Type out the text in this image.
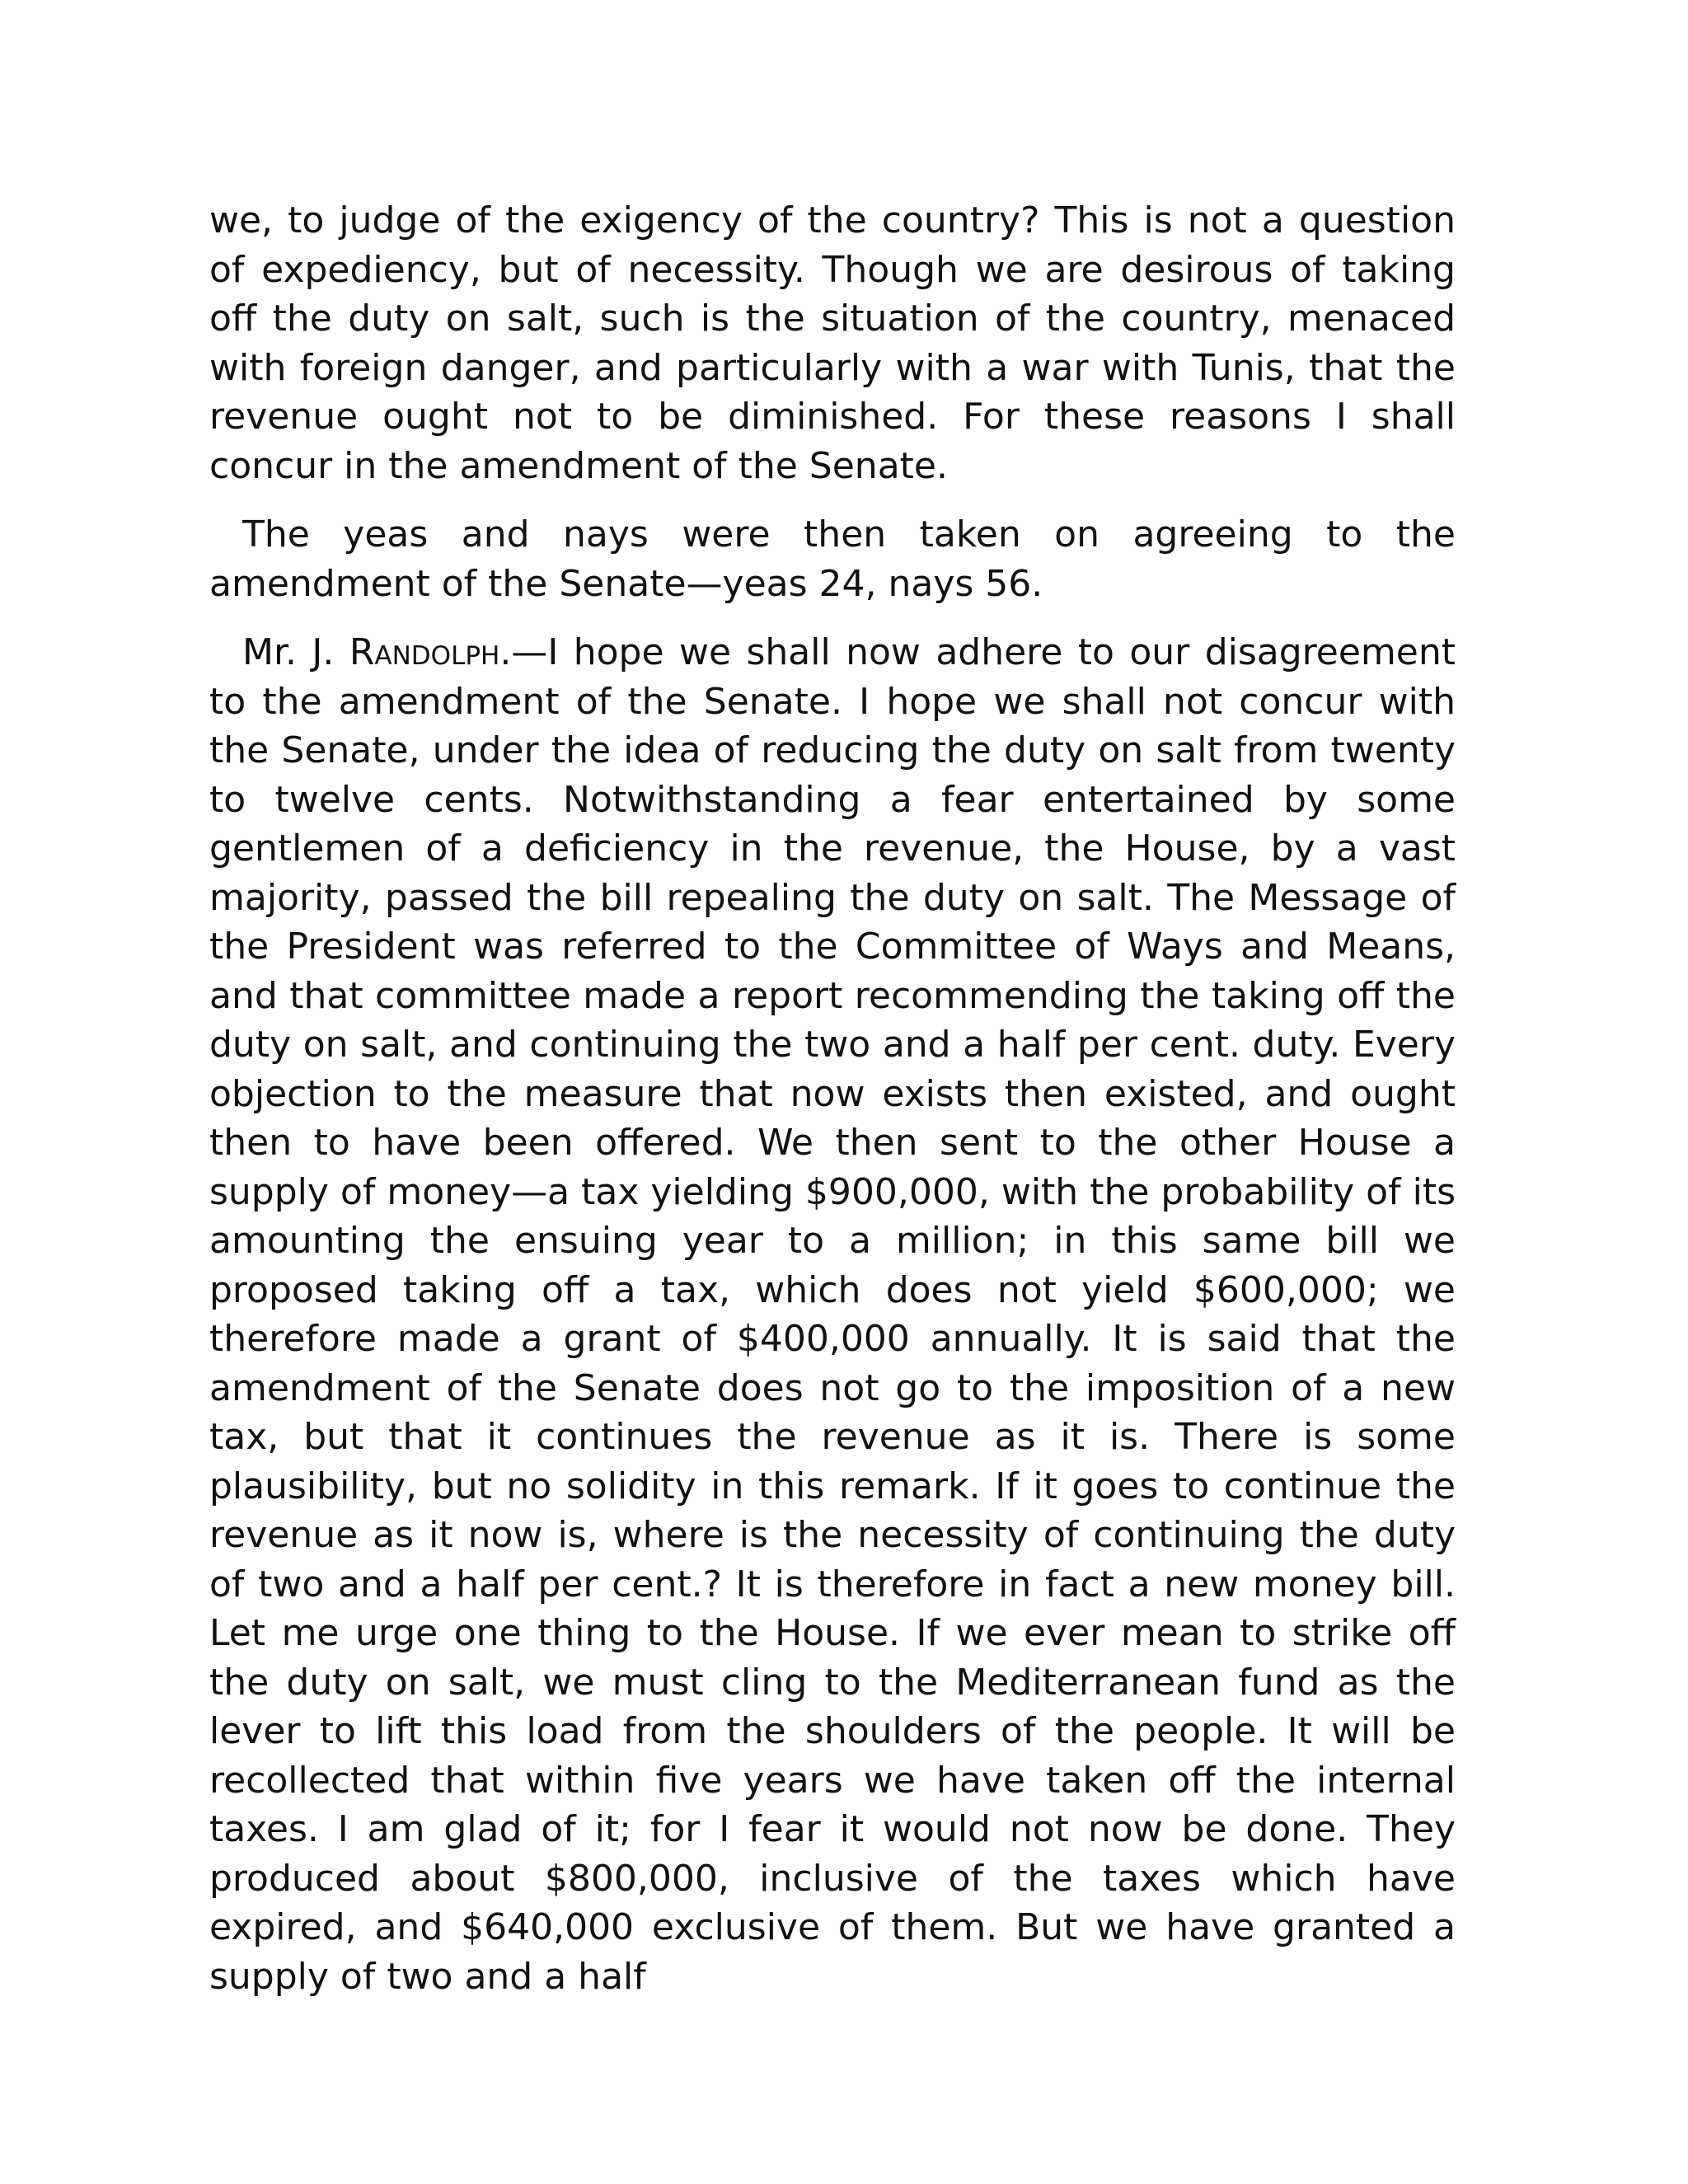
we, to judge of the exigency of the country? This is not a question of expediency, but of necessity. Though we are desirous of taking off the duty on salt, such is the situation of the country, menaced with foreign danger, and particularly with a war with Tunis, that the revenue ought not to be diminished. For these reasons I shall concur in the amendment of the Senate.

The yeas and nays were then taken on agreeing to the amendment of the Senate—yeas 24, nays 56.

Mr. J. Randolph.—I hope we shall now adhere to our disagreement to the amendment of the Senate. I hope we shall not concur with the Senate, under the idea of reducing the duty on salt from twenty to twelve cents. Notwithstanding a fear entertained by some gentlemen of a deficiency in the revenue, the House, by a vast majority, passed the bill repealing the duty on salt. The Message of the President was referred to the Committee of Ways and Means, and that committee made a report recommending the taking off the duty on salt, and continuing the two and a half per cent. duty. Every objection to the measure that now exists then existed, and ought then to have been offered. We then sent to the other House a supply of money—a tax yielding $900,000, with the probability of its amounting the ensuing year to a million; in this same bill we proposed taking off a tax, which does not yield $600,000; we therefore made a grant of $400,000 annually. It is said that the amendment of the Senate does not go to the imposition of a new tax, but that it continues the revenue as it is. There is some plausibility, but no solidity in this remark. If it goes to continue the revenue as it now is, where is the necessity of continuing the duty of two and a half per cent.? It is therefore in fact a new money bill. Let me urge one thing to the House. If we ever mean to strike off the duty on salt, we must cling to the Mediterranean fund as the lever to lift this load from the shoulders of the people. It will be recollected that within five years we have taken off the internal taxes. I am glad of it; for I fear it would not now be done. They produced about $800,000, inclusive of the taxes which have expired, and $640,000 exclusive of them. But we have granted a supply of two and a half
